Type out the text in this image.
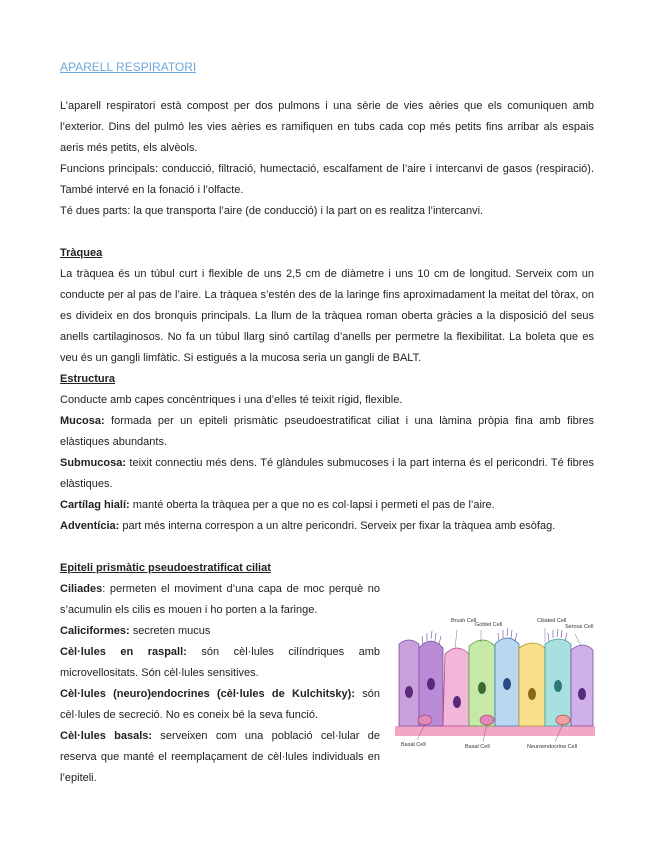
APARELL RESPIRATORI

L’aparell respiratori està compost per dos pulmons i una sèrie de vies aèries que els comuniquen amb l’exterior. Dins del pulmó les vies aèries es ramifiquen en tubs cada cop més petits fins arribar als espais aeris més petits, els alvèols.

Funcions principals: conducció, filtració, humectació, escalfament de l’aire i intercanvi de gasos (respiració). També intervé en la fonació i l’olfacte.

Té dues parts: la que transporta l’aire (de conducció) i la part on es realitza l’intercanvi.

Tràquea

La tràquea és un túbul curt i flexible de uns 2,5 cm de diàmetre i uns 10 cm de longitud. Serveix com un conducte per al pas de l’aire. La tràquea s’estén des de la laringe fins aproximadament la meitat del tòrax, on es divideix en dos bronquis principals. La llum de la tràquea roman oberta gràcies a la disposició del seus anells cartilaginosos. No fa un túbul llarg sinó cartílag d’anells per permetre la flexibilitat. La boleta que es veu és un gangli limfàtic. Si estigués a la mucosa seria un gangli de BALT.

Estructura

Conducte amb capes concèntriques i una d’elles té teixit rígid, flexible.

Mucosa: formada per un epiteli prismàtic pseudoestratificat ciliat i una làmina pròpia fina amb fibres elàstiques abundants.

Submucosa: teixit connectiu més dens. Té glàndules submucoses i la part interna és el pericondri. Té fibres elàstiques.

Cartílag hialí: manté oberta la tràquea per a que no es col·lapsi i permeti el pas de l’aire.

Adventícia: part més interna correspon a un altre pericondri. Serveix per fixar la tràquea amb esòfag.

Epiteli prismàtic pseudoestratificat ciliat

Ciliades: permeten el moviment d’una capa de moc perquè no s’acumulin els cilis es mouen i ho porten a la faringe.

Caliciformes: secreten mucus

Cèl·lules en raspall: són cèl·lules cilíndriques amb microvellositats. Són cèl·lules sensitives.

Cèl·lules (neuro)endocrines (cèl·lules de Kulchitsky): són cèl·lules de secreció. No es coneix bé la seva funció.

Cèl·lules basals: serveixen com una població cel·lular de reserva que manté el reemplaçament de cèl·lules individuals en l’epiteli.

Brush Cell
Goblet Cell
Ciliated Cell
Serous Cell
Basal Cell	Basal Cell	Neuroendocrine Cell
